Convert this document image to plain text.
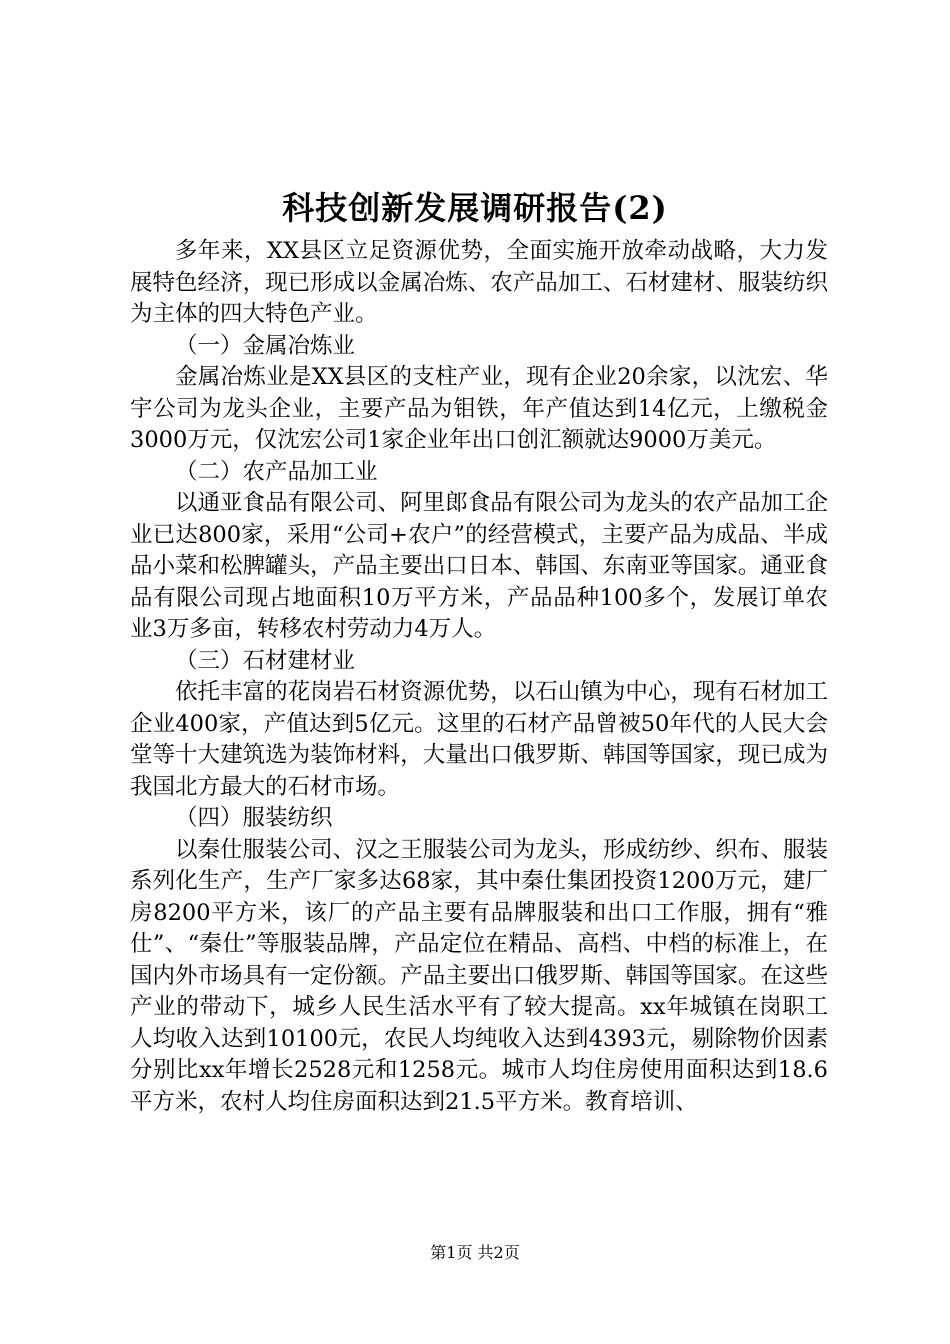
科技创新发展调研报告(2)

多年来，XX县区立足资源优势，全面实施开放牵动战略，大力发展特色经济，现已形成以金属冶炼、农产品加工、石材建材、服装纺织为主体的四大特色产业。

（一）金属冶炼业

金属冶炼业是XX县区的支柱产业，现有企业20余家，以沈宏、华宇公司为龙头企业，主要产品为钼铁，年产值达到14亿元，上缴税金3000万元，仅沈宏公司1家企业年出口创汇额就达9000万美元。

（二）农产品加工业

以通亚食品有限公司、阿里郎食品有限公司为龙头的农产品加工企业已达800家，采用“公司+农户”的经营模式，主要产品为成品、半成品小菜和松脾罐头，产品主要出口日本、韩国、东南亚等国家。通亚食品有限公司现占地面积10万平方米，产品品种100多个，发展订单农业3万多亩，转移农村劳动力4万人。

（三）石材建材业

依托丰富的花岗岩石材资源优势，以石山镇为中心，现有石材加工企业400家，产值达到5亿元。这里的石材产品曾被50年代的人民大会堂等十大建筑选为装饰材料，大量出口俄罗斯、韩国等国家，现已成为我国北方最大的石材市场。

（四）服装纺织

以秦仕服装公司、汉之王服装公司为龙头，形成纺纱、织布、服装系列化生产，生产厂家多达68家，其中秦仕集团投资1200万元，建厂房8200平方米，该厂的产品主要有品牌服装和出口工作服，拥有“雅仕”、“秦仕”等服装品牌，产品定位在精品、高档、中档的标准上，在国内外市场具有一定份额。产品主要出口俄罗斯、韩国等国家。在这些产业的带动下，城乡人民生活水平有了较大提高。xx年城镇在岗职工人均收入达到10100元，农民人均纯收入达到4393元，剔除物价因素分别比xx年增长2528元和1258元。城市人均住房使用面积达到18.6平方米，农村人均住房面积达到21.5平方米。教育培训、

第1页 共2页
